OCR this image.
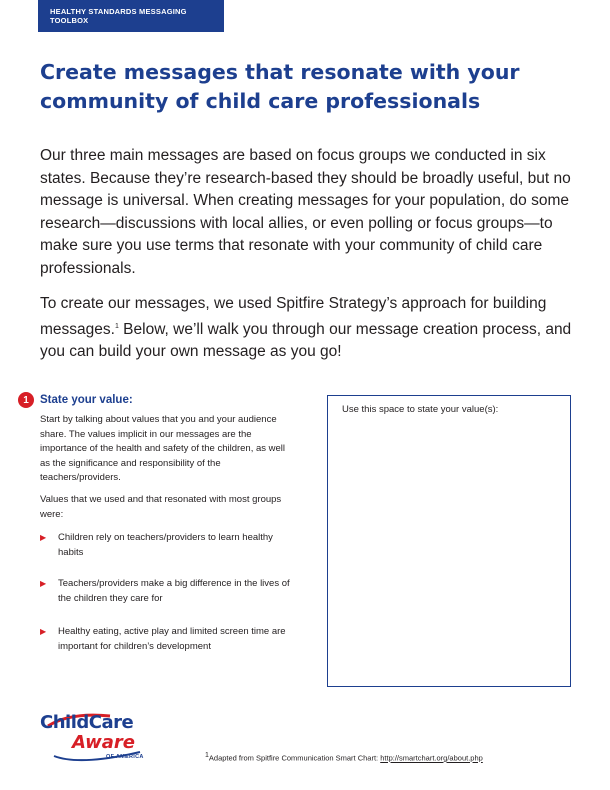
HEALTHY STANDARDS MESSAGING TOOLBOX
Create messages that resonate with your community of child care professionals

Our three main messages are based on focus groups we conducted in six states. Because they’re research-based they should be broadly useful, but no message is universal. When creating messages for your population, do some research—discussions with local allies, or even polling or focus groups—to make sure you use terms that resonate with your community of child care professionals.

To create our messages, we used Spitfire Strategy’s approach for building messages.$^1$ Below, we’ll walk you through our message creation process, and you can build your own message as you go!

1 State your value:

Start by talking about values that you and your audience share. The values implicit in our messages are the importance of the health and safety of the children, as well as the significance and responsibility of the teachers/providers.

Values that we used and that resonated with most groups were:

▶	Children rely on teachers/providers to learn healthy habits
▶	Teachers/providers make a big difference in the lives of the children they care for
▶	Healthy eating, active play and limited screen time are important for children’s development
Use this space to state your value(s):
ChildCare
Aware
OF AMERICA	$^1$Adapted from Spitfire Communication Smart Chart: http://smartchart.org/about.php
